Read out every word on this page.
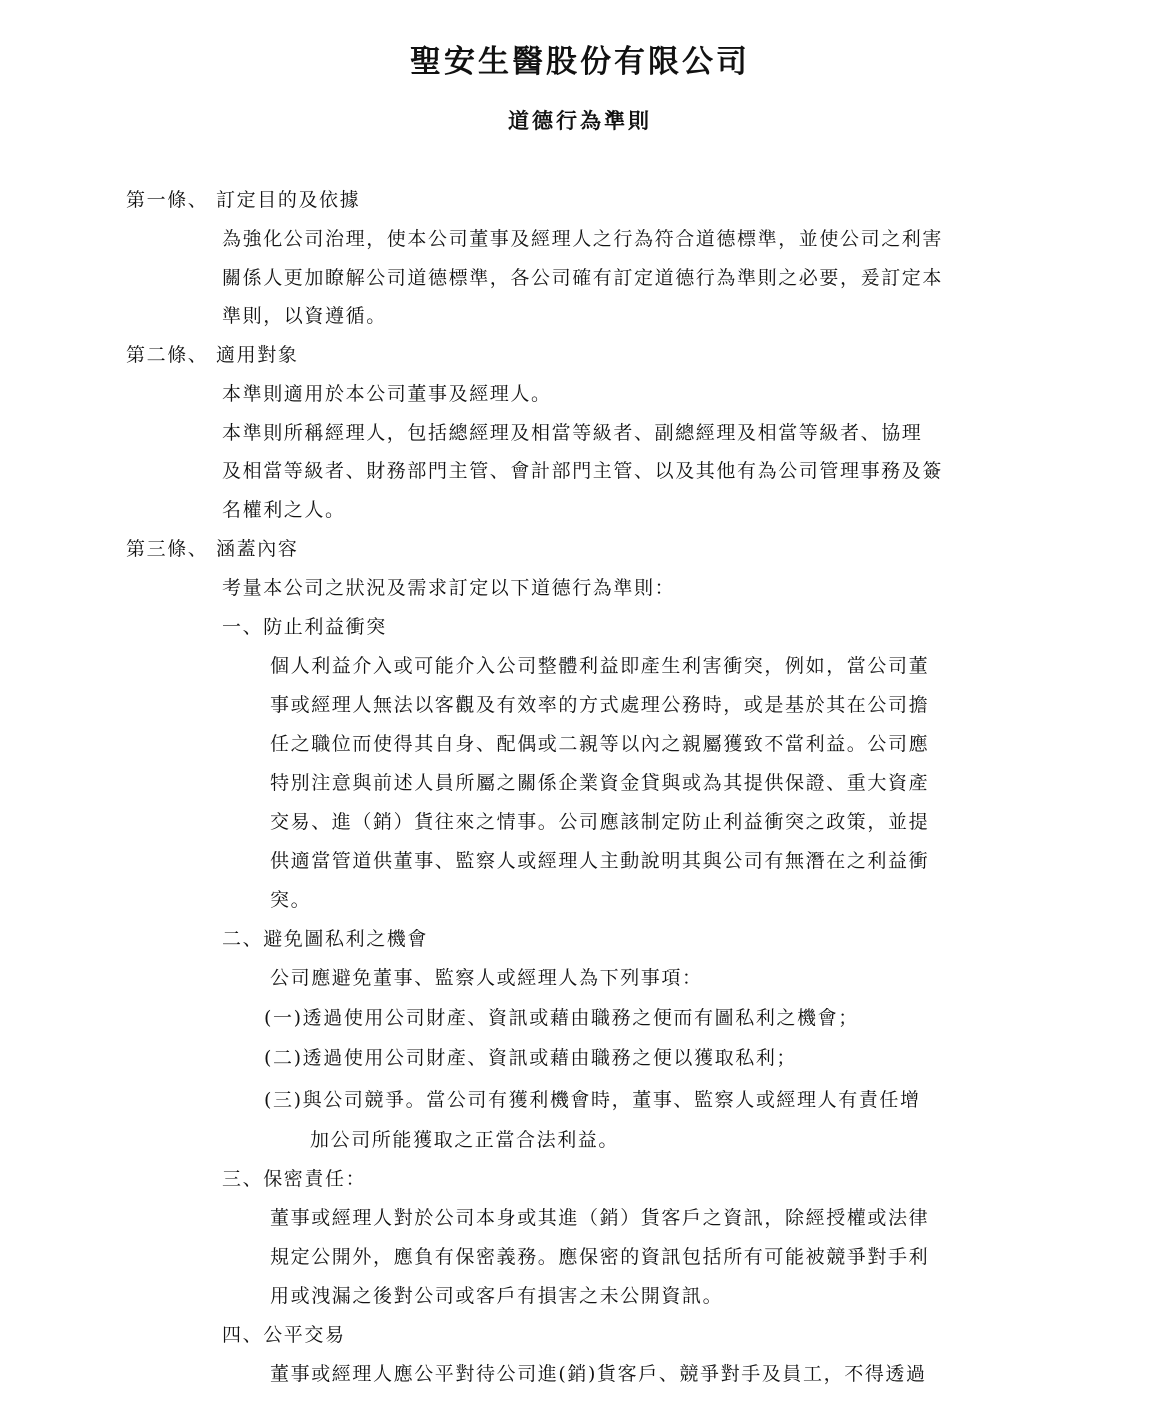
聖安生醫股份有限公司
道德行為準則
第一條、 訂定目的及依據
為強化公司治理，使本公司董事及經理人之行為符合道德標準，並使公司之利害
關係人更加瞭解公司道德標準，各公司確有訂定道德行為準則之必要，爰訂定本
準則，以資遵循。
第二條、 適用對象
本準則適用於本公司董事及經理人。
本準則所稱經理人，包括總經理及相當等級者、副總經理及相當等級者、協理
及相當等級者、財務部門主管、會計部門主管、以及其他有為公司管理事務及簽
名權利之人。
第三條、 涵蓋內容
考量本公司之狀況及需求訂定以下道德行為準則：
一、防止利益衝突
個人利益介入或可能介入公司整體利益即產生利害衝突，例如，當公司董
事或經理人無法以客觀及有效率的方式處理公務時，或是基於其在公司擔
任之職位而使得其自身、配偶或二親等以內之親屬獲致不當利益。公司應
特別注意與前述人員所屬之關係企業資金貸與或為其提供保證、重大資產
交易、進（銷）貨往來之情事。公司應該制定防止利益衝突之政策，並提
供適當管道供董事、監察人或經理人主動說明其與公司有無潛在之利益衝
突。
二、避免圖私利之機會
公司應避免董事、監察人或經理人為下列事項：
(一)透過使用公司財產、資訊或藉由職務之便而有圖私利之機會；
(二)透過使用公司財產、資訊或藉由職務之便以獲取私利；
(三)與公司競爭。當公司有獲利機會時，董事、監察人或經理人有責任增
加公司所能獲取之正當合法利益。
三、保密責任：
董事或經理人對於公司本身或其進（銷）貨客戶之資訊，除經授權或法律
規定公開外，應負有保密義務。應保密的資訊包括所有可能被競爭對手利
用或洩漏之後對公司或客戶有損害之未公開資訊。
四、公平交易
董事或經理人應公平對待公司進(銷)貨客戶、競爭對手及員工，不得透過
